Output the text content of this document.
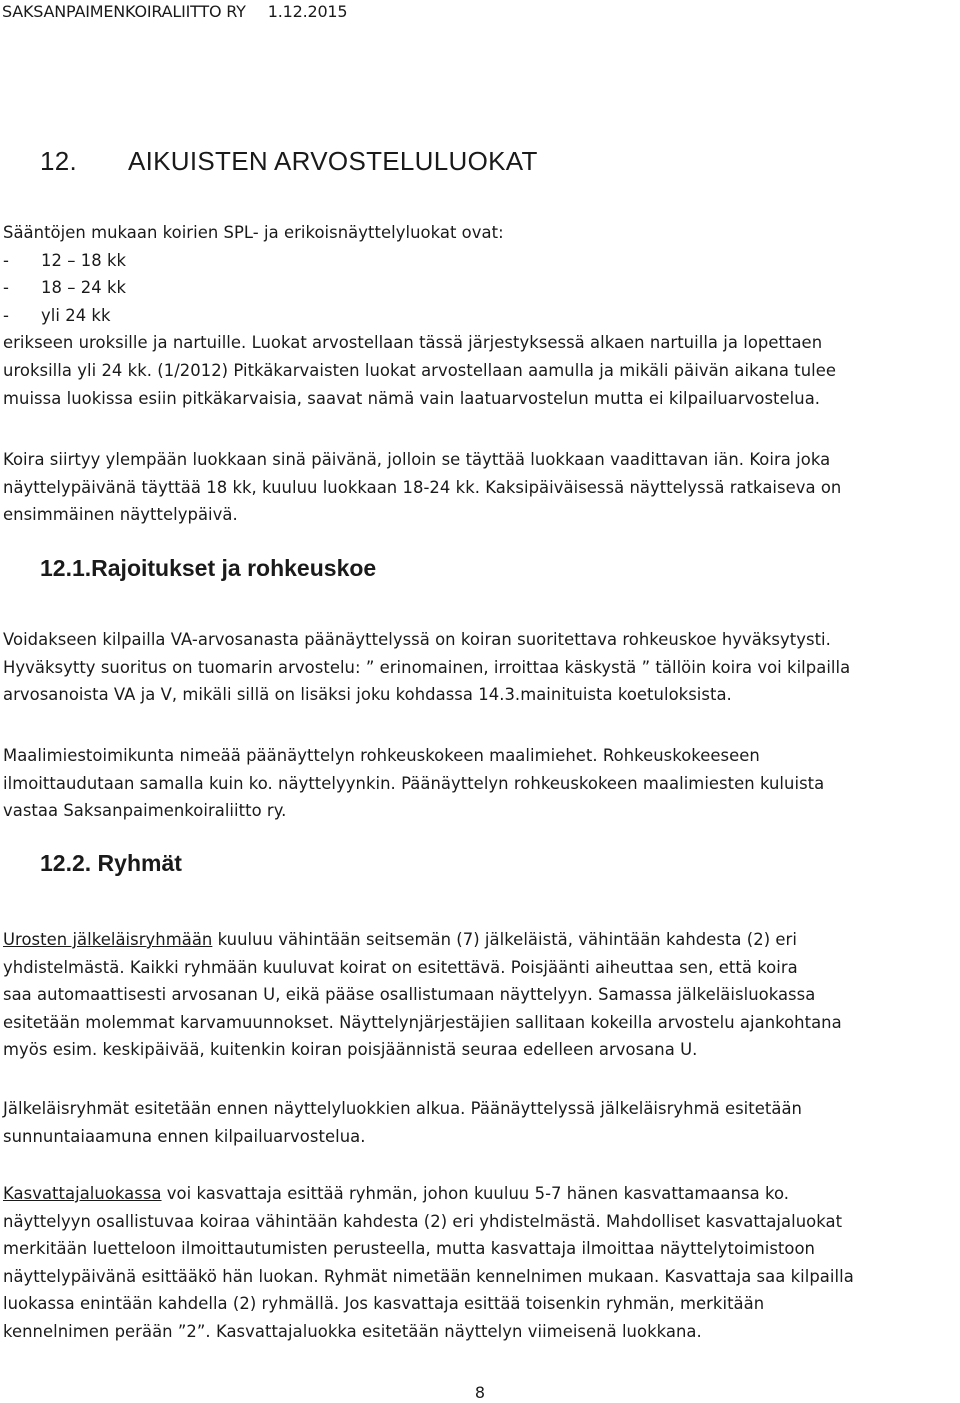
SAKSANPAIMENKOIRALIITTO RY 1.12.2015
12. AIKUISTEN ARVOSTELULUOKAT

Sääntöjen mukaan koirien SPL- ja erikoisnäyttelyluokat ovat:

- 12 – 18 kk

- 18 – 24 kk

- yli 24 kk

erikseen uroksille ja nartuille. Luokat arvostellaan tässä järjestyksessä alkaen nartuilla ja lopettaen

uroksilla yli 24 kk. (1/2012) Pitkäkarvaisten luokat arvostellaan aamulla ja mikäli päivän aikana tulee

muissa luokissa esiin pitkäkarvaisia, saavat nämä vain laatuarvostelun mutta ei kilpailuarvostelua.

Koira siirtyy ylempään luokkaan sinä päivänä, jolloin se täyttää luokkaan vaadittavan iän. Koira joka

näyttelypäivänä täyttää 18 kk, kuuluu luokkaan 18-24 kk. Kaksipäiväisessä näyttelyssä ratkaiseva on

ensimmäinen näyttelypäivä.

12.1.Rajoitukset ja rohkeuskoe

Voidakseen kilpailla VA-arvosanasta päänäyttelyssä on koiran suoritettava rohkeuskoe hyväksytysti.

Hyväksytty suoritus on tuomarin arvostelu: ” erinomainen, irroittaa käskystä ” tällöin koira voi kilpailla

arvosanoista VA ja V, mikäli sillä on lisäksi joku kohdassa 14.3.mainituista koetuloksista.

Maalimiestoimikunta nimeää päänäyttelyn rohkeuskokeen maalimiehet. Rohkeuskokeeseen

ilmoittaudutaan samalla kuin ko. näyttelyynkin. Päänäyttelyn rohkeuskokeen maalimiesten kuluista

vastaa Saksanpaimenkoiraliitto ry.

12.2. Ryhmät

Urosten jälkeläisryhmään kuuluu vähintään seitsemän (7) jälkeläistä, vähintään kahdesta (2) eri

yhdistelmästä. Kaikki ryhmään kuuluvat koirat on esitettävä. Poisjäänti aiheuttaa sen, että koira

saa automaattisesti arvosanan U, eikä pääse osallistumaan näyttelyyn. Samassa jälkeläisluokassa

esitetään molemmat karvamuunnokset. Näyttelynjärjestäjien sallitaan kokeilla arvostelu ajankohtana

myös esim. keskipäivää, kuitenkin koiran poisjäännistä seuraa edelleen arvosana U.

Jälkeläisryhmät esitetään ennen näyttelyluokkien alkua. Päänäyttelyssä jälkeläisryhmä esitetään

sunnuntaiaamuna ennen kilpailuarvostelua.

Kasvattajaluokassa voi kasvattaja esittää ryhmän, johon kuuluu 5-7 hänen kasvattamaansa ko.

näyttelyyn osallistuvaa koiraa vähintään kahdesta (2) eri yhdistelmästä. Mahdolliset kasvattajaluokat

merkitään luetteloon ilmoittautumisten perusteella, mutta kasvattaja ilmoittaa näyttelytoimistoon

näyttelypäivänä esittääkö hän luokan. Ryhmät nimetään kennelnimen mukaan. Kasvattaja saa kilpailla

luokassa enintään kahdella (2) ryhmällä. Jos kasvattaja esittää toisenkin ryhmän, merkitään

kennelnimen perään ”2”. Kasvattajaluokka esitetään näyttelyn viimeisenä luokkana.

8
